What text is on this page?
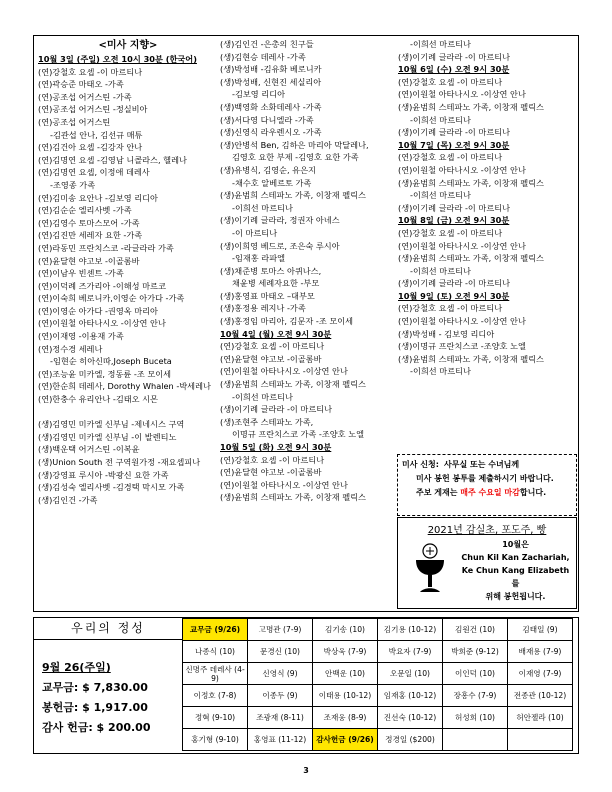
<미사 지향>
10월 3일 (주일) 오전 10시 30분 (한국어)
(연)강철호 요셉 -이 마르티나
(연)곽승준 마태오 -가족
(연)공조섭 어거스틴 -가족
(연)공조섭 어거스틴 -정실비아
(연)공조섭 어거스틴
-김관섭 안나, 김선규 매튜
(연)김건아 요셉 -김강자 안나
(연)김명연 요셉 -김영남 니콜라스, 헬레나
(연)김명연 요셉, 이정애 데레사
-조영종 가족
(연)김미송 요안나 -김보영 리디아
(연)김순순 엘리사벳 -가족
(연)김영수 토마스모어 -가족
(연)김진만 세레자 요한 -가족
(연)라동민 프란치스코 -라글라라 가족
(연)윤달현 야고보 -이골롬바
(연)이남우 빈센트 -가족
(연)이덕례 즈가리아 -이해성 마르코
(연)이숙희 베로니카,이영순 아가다 -가족
(연)이영순 아가다 -권영옥 마리아
(연)이원철 아타나시오 -이상연 안나
(연)이재영 -이용재 가족
(연)정수경 세레나
-임현순 히아신따,Joseph Buceta
(연)조능윤 미카엘, 정동륜 -조 모이세
(연)한순희 데레사, Dorothy Whalen -박세레나
(연)한충수 유리안나 -김태오 시몬
(생)김영민 미카엘 신부님 -제네시스 구역
(생)김영민 미카엘 신부님 -이 발렌티노
(생)백운택 어거스틴 -이복윤
(생)Union South 전 구역원가정 -재요셉피나
(생)강영표 루시아 -박광신 요한 가족
(생)김성숙 엘리사벳 -김경택 막시모 가족
(생)김인건 -가족
(생)김인건 -은총의 친구들
(생)김현승 데레사 -가족
(생)박성배 -김유화 베로니카
(생)박성배, 신현진 세실리아
-김보영 리디아
(생)백영화 소화데레사 -가족
(생)서다영 다니엘라 -가족
(생)신영식 라우렌시오 -가족
(생)안병석 Ben, 김하은 마리아 막달레나,
김영호 요한 부제 -김영호 요한 가족
(생)유병식, 김영순, 유은지
-채수호 알베르토 가족
(생)윤범희 스테파노 가족, 이창재 펠릭스
-이희선 마르티나
(생)이기례 글라라, 정권자 아네스
-이 마르티나
(생)이희영 베드로, 조은숙 루시아
-임재홍 라파엘
(생)채준병 토마스 아퀴나스,
채윤병 세례자요한 -부모
(생)홍영표 마태오 –대부모
(생)홍정용 레지나 -가족
(생)홍정임 마리아, 김문자 -조 모이세
10월 4일 (월) 오전 9시 30분
(연)강철호 요셉 -이 마르티나
(연)윤달현 야고보 -이골롬바
(연)이원철 아타나시오 -이상연 안나
(생)윤범희 스테파노 가족, 이창재 펠릭스
-이희선 마르티나
(생)이기례 글라라 -이 마르티나
(생)조현주 스테파노 가족,
이명규 프란치스코 가족 -조양호 노엘
10월 5일 (화) 오전 9시 30분
(연)강철호 요셉 -이 마르티나
(연)윤달현 야고보 -이골롬바
(연)이원철 아타나시오 -이상연 안나
(생)윤범희 스테파노 가족, 이창재 펠릭스
-이희선 마르티나
(생)이기례 글라라 -이 마르티나
10월 6일 (수) 오전 9시 30분
(연)강철호 요셉 -이 마르티나
(연)이원철 아타나시오 -이상연 안나
(생)윤범희 스테파노 가족, 이창재 펠릭스
-이희선 마르티나
(생)이기례 글라라 -이 마르티나
10월 7일 (목) 오전 9시 30분
(연)강철호 요셉 -이 마르티나
(연)이원철 아타나시오 -이상연 안나
(생)윤범희 스테파노 가족, 이창재 펠릭스
-이희선 마르티나
(생)이기례 글라라 -이 마르티나
10월 8일 (금) 오전 9시 30분
(연)강철호 요셉 -이 마르티나
(연)이원철 아타나시오 -이상연 안나
(생)윤범희 스테파노 가족, 이창재 펠릭스
-이희선 마르티나
(생)이기례 글라라 -이 마르티나
10월 9일 (토) 오전 9시 30분
(연)강철호 요셉 -이 마르티나
(연)이원철 아타나시오 -이상연 안나
(생)박성배 - 김보영 리디아
(생)이명규 프란치스코 -조양호 노엘
(생)윤범희 스테파노 가족, 이창재 펠릭스
-이희선 마르티나
미사 신청: 사무실 또는 수녀님께
미사 봉헌 봉투를 제출하시기 바랍니다.
주보 게재는 매주 수요일 마감합니다.
2021년 감실초, 포도주, 빵
10월은
Chun Kil Kan Zachariah,
Ke Chun Kang Elizabeth를
위해 봉헌됩니다.
우리의 정성
9월 26(주일)
교무금: $ 7,830.00
봉헌금: $ 1,917.00
감사 헌금: $ 200.00
교무금 (9/26)	고명관 (7-9)	김기송 (10)	김기용 (10-12)	김원건 (10)	김태일 (9)
나종식 (10)	문경신 (10)	박상욱 (7-9)	박요자 (7-9)	박희준 (9-12)	배재용 (7-9)
신명주 데레사 (4-9)	신영식 (9)	안백운 (10)	오문일 (10)	이인덕 (10)	이재영 (7-9)
이정호 (7-8)	이종두 (9)	이태용 (10-12)	임재홍 (10-12)	장흥수 (7-9)	전종관 (10-12)
정혁 (9-10)	조광재 (8-11)	조재웅 (8-9)	진선숙 (10-12)	허성희 (10)	허안젤라 (10)
홍기형 (9-10)	홍영표 (11-12)	감사헌금 (9/26)	정경일 ($200)		
3
